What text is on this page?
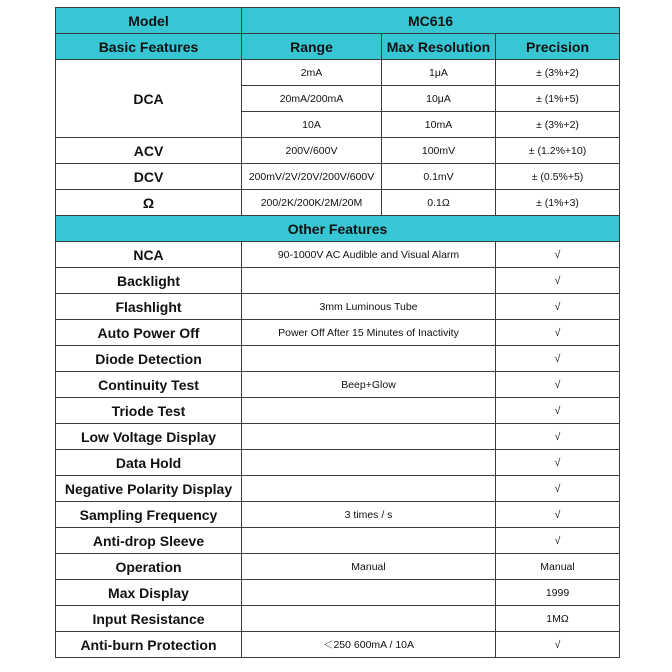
Model	MC616		
Basic Features	Range	Max Resolution	Precision
DCA	2mA	1μA	± (3%+2)
	20mA/200mA	10μA	± (1%+5)
	10A	10mA	± (3%+2)
ACV	200V/600V	100mV	± (1.2%+10)
DCV	200mV/2V/20V/200V/600V	0.1mV	± (0.5%+5)
Ω	200/2K/200K/2M/20M	0.1Ω	± (1%+3)
Other Features			
NCA	90-1000V AC Audible and Visual Alarm		√
Backlight			√
Flashlight	3mm Luminous Tube		√
Auto Power Off	Power Off After 15 Minutes of Inactivity		√
Diode Detection			√
Continuity Test	Beep+Glow		√
Triode Test			√
Low Voltage Display			√
Data Hold			√
Negative Polarity Display			√
Sampling Frequency	3 times / s		√
Anti-drop Sleeve			√
Operation	Manual		Manual
Max Display			1999
Input Resistance			1MΩ
Anti-burn Protection	＜250 600mA / 10A		√
